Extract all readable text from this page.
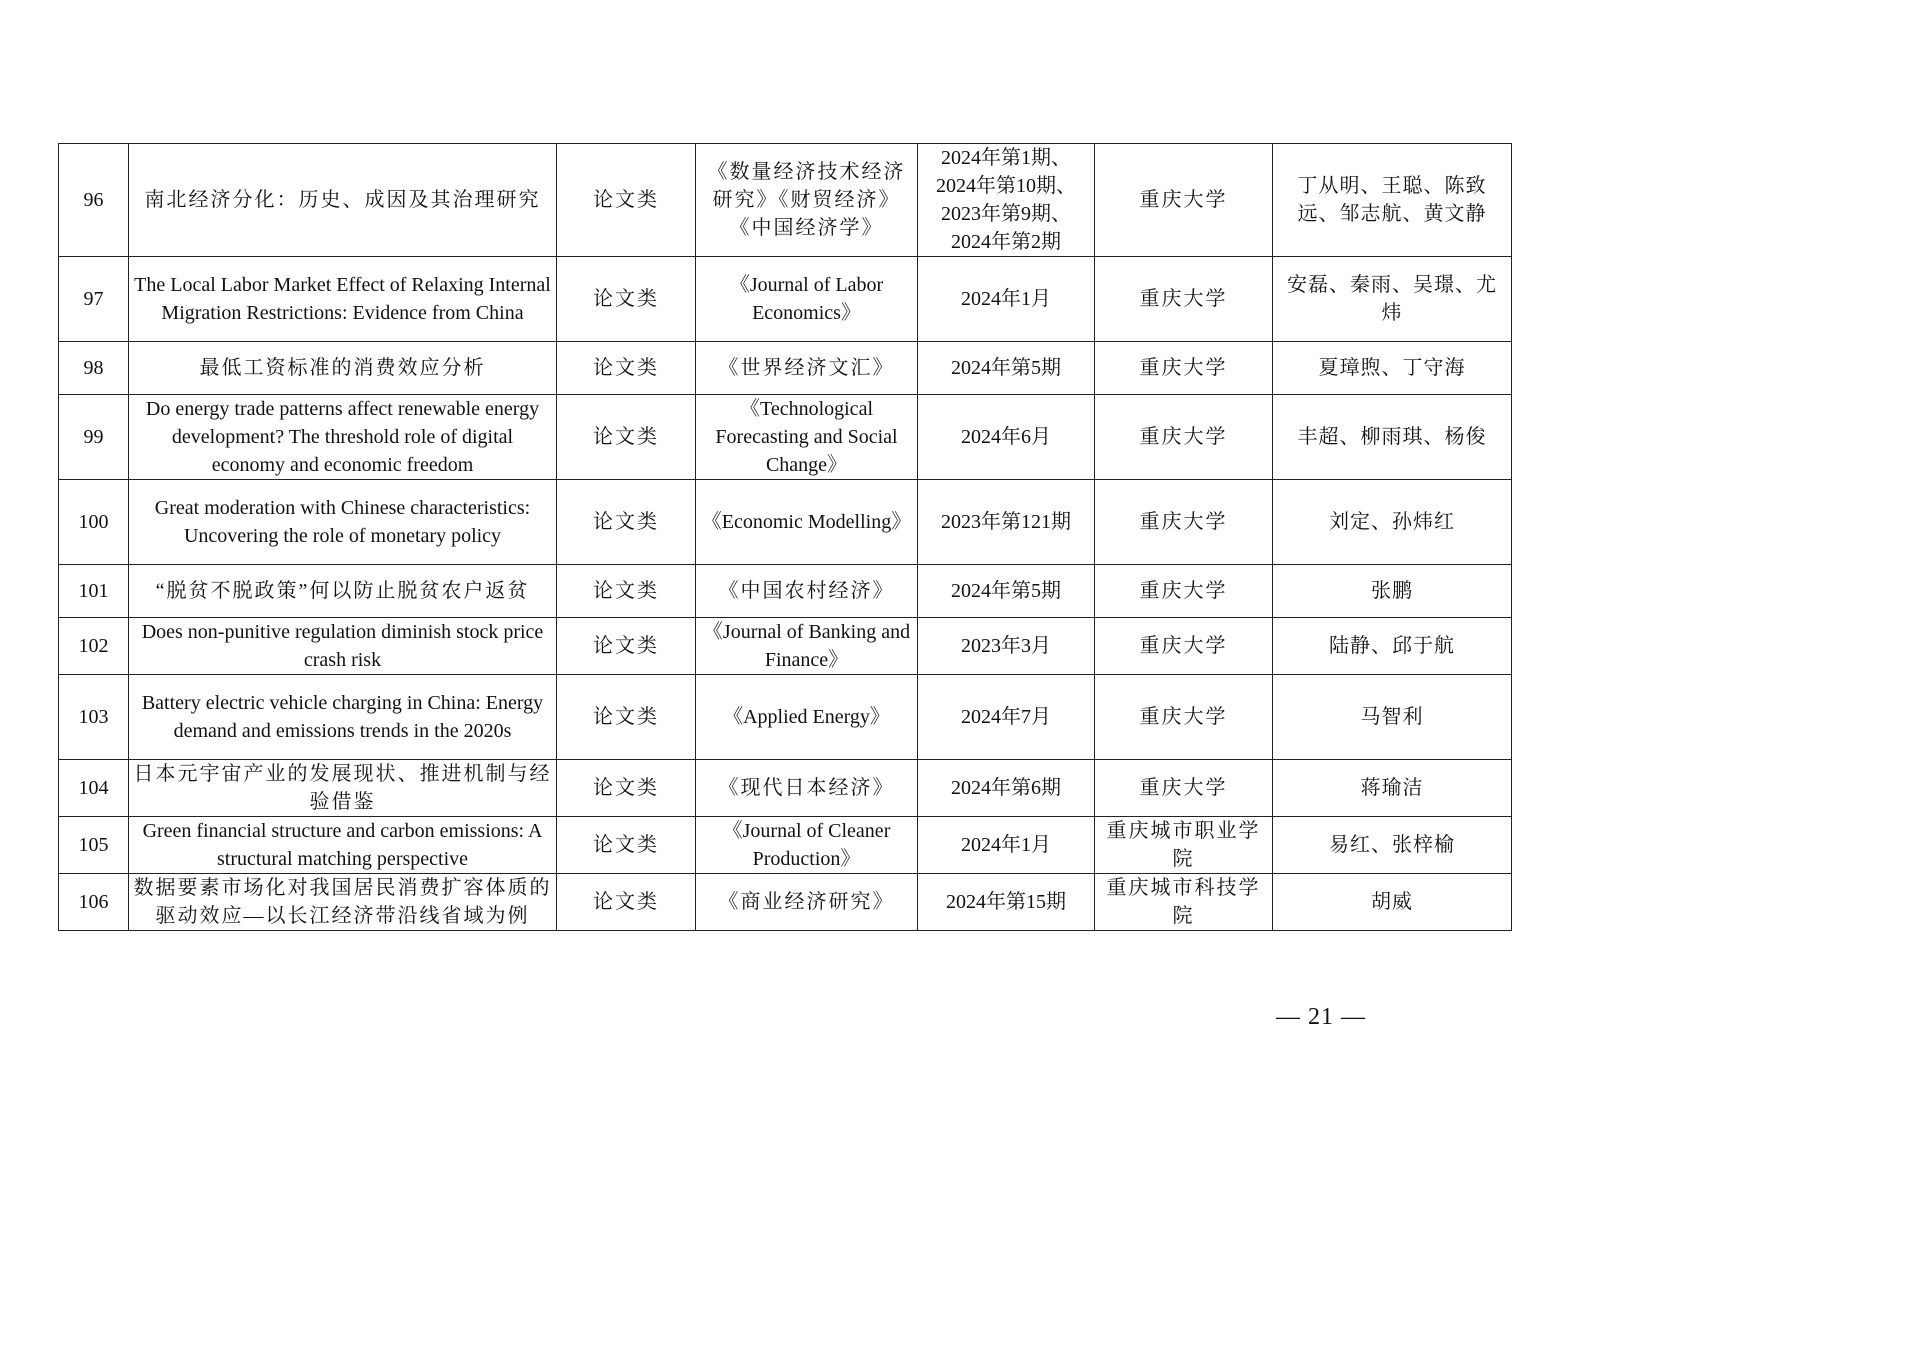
96	南北经济分化：历史、成因及其治理研究	论文类	《数量经济技术经济研究》《财贸经济》《中国经济学》	2024年第1期、2024年第10期、2023年第9期、2024年第2期	重庆大学	丁从明、王聪、陈致远、邹志航、黄文静
97	The Local Labor Market Effect of Relaxing Internal Migration Restrictions: Evidence from China	论文类	《Journal of Labor Economics》	2024年1月	重庆大学	安磊、秦雨、吴璟、尤炜
98	最低工资标准的消费效应分析	论文类	《世界经济文汇》	2024年第5期	重庆大学	夏璋煦、丁守海
99	Do energy trade patterns affect renewable energy development? The threshold role of digital economy and economic freedom	论文类	《Technological Forecasting and Social Change》	2024年6月	重庆大学	丰超、柳雨琪、杨俊
100	Great moderation with Chinese characteristics: Uncovering the role of monetary policy	论文类	《Economic Modelling》	2023年第121期	重庆大学	刘定、孙炜红
101	“脱贫不脱政策”何以防止脱贫农户返贫	论文类	《中国农村经济》	2024年第5期	重庆大学	张鹏
102	Does non-punitive regulation diminish stock price crash risk	论文类	《Journal of Banking and Finance》	2023年3月	重庆大学	陆静、邱于航
103	Battery electric vehicle charging in China: Energy demand and emissions trends in the 2020s	论文类	《Applied Energy》	2024年7月	重庆大学	马智利
104	日本元宇宙产业的发展现状、推进机制与经验借鉴	论文类	《现代日本经济》	2024年第6期	重庆大学	蒋瑜洁
105	Green financial structure and carbon emissions: A structural matching perspective	论文类	《Journal of Cleaner Production》	2024年1月	重庆城市职业学院	易红、张梓榆
106	数据要素市场化对我国居民消费扩容体质的驱动效应—以长江经济带沿线省域为例	论文类	《商业经济研究》	2024年第15期	重庆城市科技学院	胡威
— 21 —
